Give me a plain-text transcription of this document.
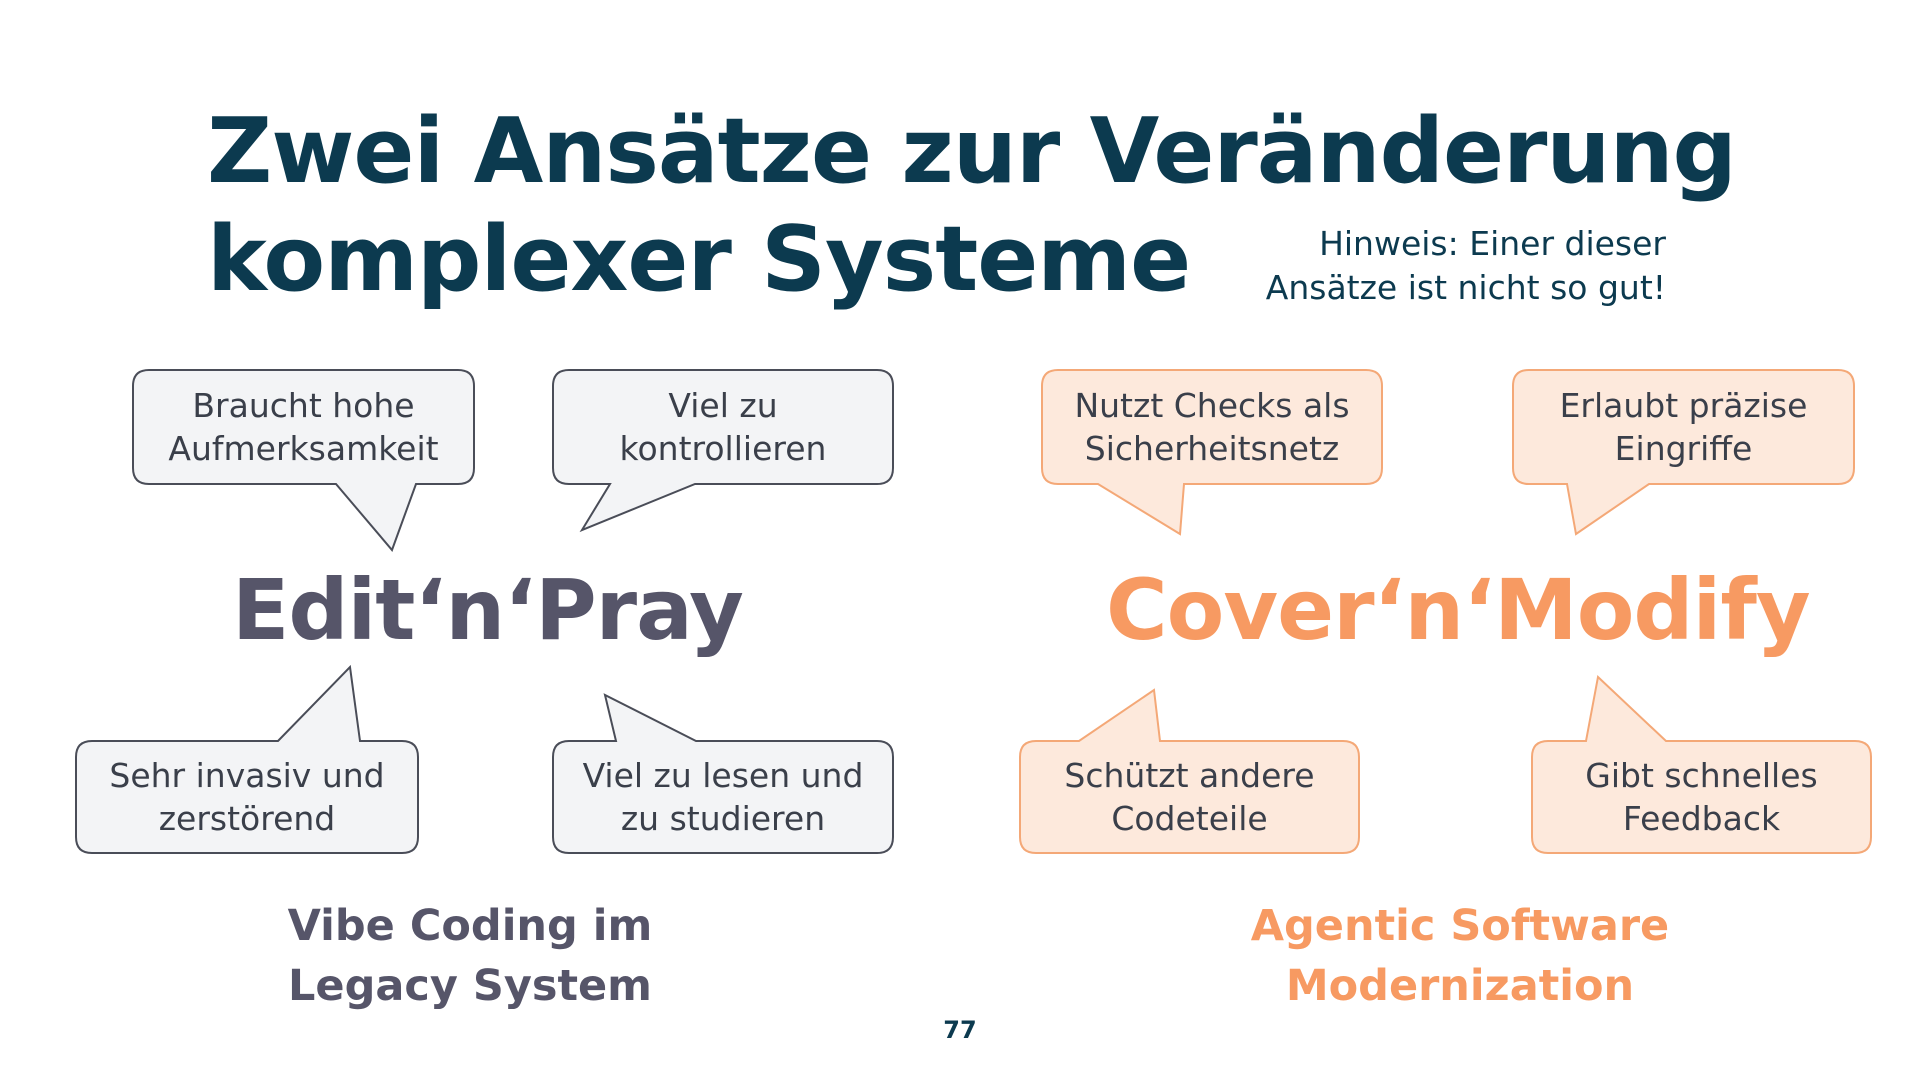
Zwei Ansätze zur Veränderung
komplexer Systeme	Hinweis: Einer dieser
Ansätze ist nicht so gut!

Braucht hohe
Aufmerksamkeit
Viel zu
kontrollieren
Sehr invasiv und
zerstörend
Viel zu lesen und
zu studieren
Nutzt Checks als
Sicherheitsnetz
Erlaubt präzise
Eingriffe
Schützt andere
Codeteile
Gibt schnelles
Feedback
Edit‘n‘Pray	Cover‘n‘Modify
Vibe Coding im
Legacy System
Agentic Software
Modernization
77
